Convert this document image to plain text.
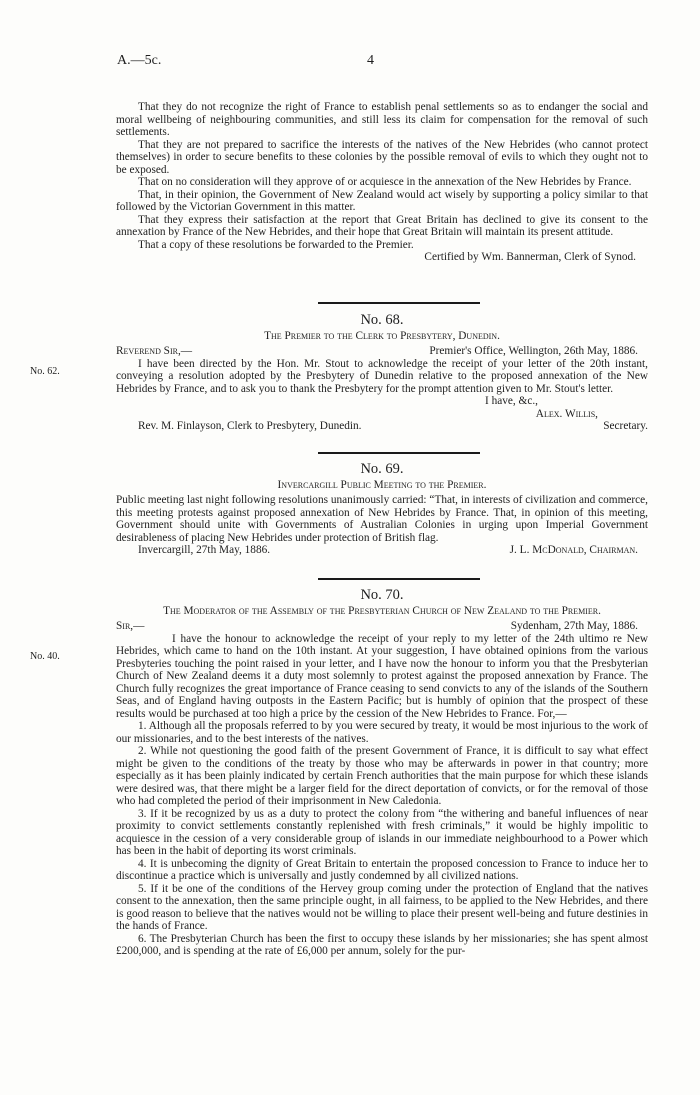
A.—5c.	4

That they do not recognize the right of France to establish penal settlements so as to endanger the social and moral wellbeing of neighbouring communities, and still less its claim for compensation for the removal of such settlements.

That they are not prepared to sacrifice the interests of the natives of the New Hebrides (who cannot protect themselves) in order to secure benefits to these colonies by the possible removal of evils to which they ought not to be exposed.

That on no consideration will they approve of or acquiesce in the annexation of the New Hebrides by France.

That, in their opinion, the Government of New Zealand would act wisely by supporting a policy similar to that followed by the Victorian Government in this matter.

That they express their satisfaction at the report that Great Britain has declined to give its consent to the annexation by France of the New Hebrides, and their hope that Great Britain will maintain its present attitude.

That a copy of these resolutions be forwarded to the Premier.

Certified by Wm. Bannerman, Clerk of Synod.

No. 68.

The Premier to the Clerk to Presbytery, Dunedin.

Reverend Sir,—	Premier's Office, Wellington, 26th May, 1886.

I have been directed by the Hon. Mr. Stout to acknowledge the receipt of your letter of the 20th instant, conveying a resolution adopted by the Presbytery of Dunedin relative to the proposed annexation of the New Hebrides by France, and to ask you to thank the Presbytery for the prompt attention given to Mr. Stout's letter.

I have, &c.,

Alex. Willis,

Rev. M. Finlayson, Clerk to Presbytery, Dunedin.	Secretary.
No. 62.

No. 69.

Invercargill Public Meeting to the Premier.

Public meeting last night following resolutions unanimously carried: “That, in interests of civilization and commerce, this meeting protests against proposed annexation of New Hebrides by France. That, in opinion of this meeting, Government should unite with Governments of Australian Colonies in urging upon Imperial Government desirableness of placing New Hebrides under protection of British flag.

Invercargill, 27th May, 1886.	J. L. McDonald, Chairman.

No. 70.

The Moderator of the Assembly of the Presbyterian Church of New Zealand to the Premier.

Sir,—	Sydenham, 27th May, 1886.

I have the honour to acknowledge the receipt of your reply to my letter of the 24th ultimo re New Hebrides, which came to hand on the 10th instant. At your suggestion, I have obtained opinions from the various Presbyteries touching the point raised in your letter, and I have now the honour to inform you that the Presbyterian Church of New Zealand deems it a duty most solemnly to protest against the proposed annexation by France. The Church fully recognizes the great importance of France ceasing to send convicts to any of the islands of the Southern Seas, and of England having outposts in the Eastern Pacific; but is humbly of opinion that the prospect of these results would be purchased at too high a price by the cession of the New Hebrides to France. For,—

1. Although all the proposals referred to by you were secured by treaty, it would be most injurious to the work of our missionaries, and to the best interests of the natives.

2. While not questioning the good faith of the present Government of France, it is difficult to say what effect might be given to the conditions of the treaty by those who may be afterwards in power in that country; more especially as it has been plainly indicated by certain French authorities that the main purpose for which these islands were desired was, that there might be a larger field for the direct deportation of convicts, or for the removal of those who had completed the period of their imprisonment in New Caledonia.

3. If it be recognized by us as a duty to protect the colony from “the withering and baneful influences of near proximity to convict settlements constantly replenished with fresh criminals,” it would be highly impolitic to acquiesce in the cession of a very considerable group of islands in our immediate neighbourhood to a Power which has been in the habit of deporting its worst criminals.

4. It is unbecoming the dignity of Great Britain to entertain the proposed concession to France to induce her to discontinue a practice which is universally and justly condemned by all civilized nations.

5. If it be one of the conditions of the Hervey group coming under the protection of England that the natives consent to the annexation, then the same principle ought, in all fairness, to be applied to the New Hebrides, and there is good reason to believe that the natives would not be willing to place their present well-being and future destinies in the hands of France.

6. The Presbyterian Church has been the first to occupy these islands by her missionaries; she has spent almost £200,000, and is spending at the rate of £6,000 per annum, solely for the pur-

No. 40.
